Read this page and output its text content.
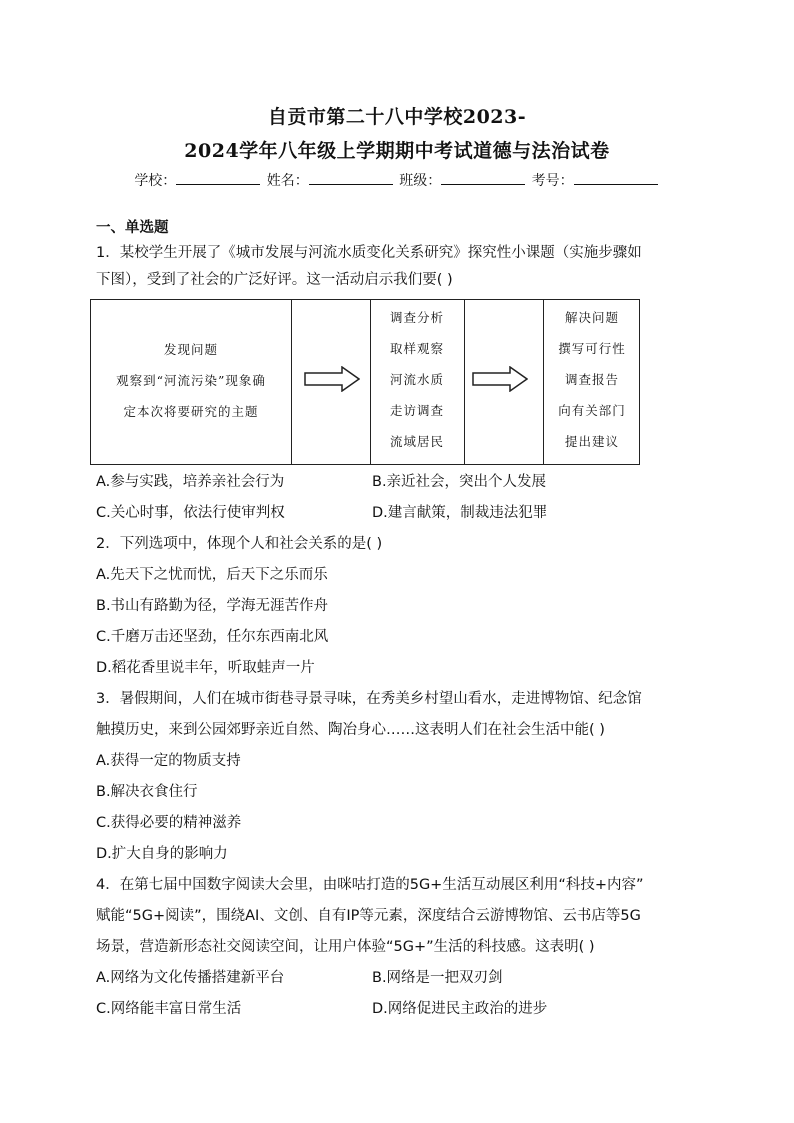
自贡市第二十八中学校2023-
2024学年八年级上学期期中考试道德与法治试卷
学校：	姓名：	班级：	考号：
一、单选题
1．某校学生开展了《城市发展与河流水质变化关系研究》探究性小课题（实施步骤如
下图），受到了社会的广泛好评。这一活动启示我们要( )
发现问题
观察到“河流污染”现象确
定本次将要研究的主题
调查分析
取样观察
河流水质
走访调查
流域居民
解决问题
撰写可行性
调查报告
向有关部门
提出建议
A.参与实践，培养亲社会行为	B.亲近社会，突出个人发展
C.关心时事，依法行使审判权	D.建言献策，制裁违法犯罪
2．下列选项中，体现个人和社会关系的是( )
A.先天下之忧而忧，后天下之乐而乐
B.书山有路勤为径，学海无涯苦作舟
C.千磨万击还坚劲，任尔东西南北风
D.稻花香里说丰年，听取蛙声一片
3．暑假期间，人们在城市街巷寻景寻味，在秀美乡村望山看水，走进博物馆、纪念馆
触摸历史，来到公园郊野亲近自然、陶冶身心……这表明人们在社会生活中能( )
A.获得一定的物质支持
B.解决衣食住行
C.获得必要的精神滋养
D.扩大自身的影响力
4．在第七届中国数字阅读大会里，由咪咕打造的5G+生活互动展区利用“科技+内容”
赋能“5G+阅读”，围绕AI、文创、自有IP等元素，深度结合云游博物馆、云书店等5G
场景，营造新形态社交阅读空间，让用户体验“5G+”生活的科技感。这表明( )
A.网络为文化传播搭建新平台	B.网络是一把双刃剑
C.网络能丰富日常生活	D.网络促进民主政治的进步
